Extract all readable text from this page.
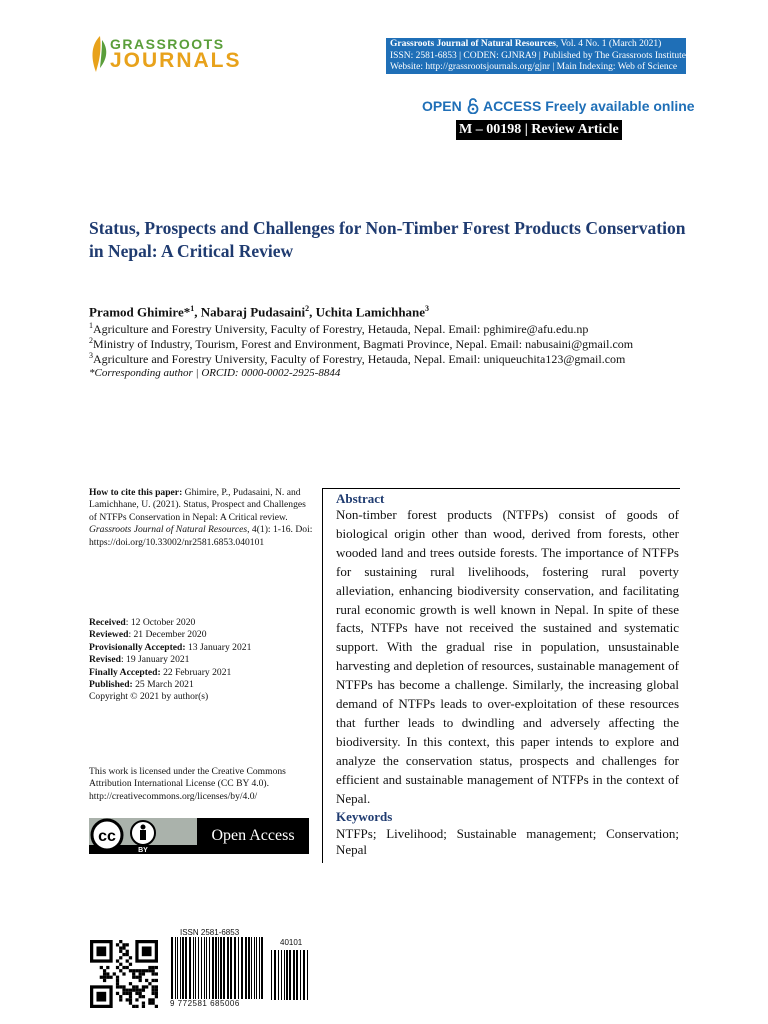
GRASSROOTS
JOURNALS
Grassroots Journal of Natural Resources, Vol. 4 No. 1 (March 2021)
ISSN: 2581-6853 | CODEN: GJNRA9 | Published by The Grassroots Institute
Website: http://grassrootsjournals.org/gjnr | Main Indexing: Web of Science
OPEN ACCESS Freely available online
M – 00198 | Review Article
Status, Prospects and Challenges for Non-Timber Forest Products Conservation in Nepal: A Critical Review
Pramod Ghimire*$^1$, Nabaraj Pudasaini$^2$, Uchita Lamichhane$^3$
$^1$Agriculture and Forestry University, Faculty of Forestry, Hetauda, Nepal. Email: pghimire@afu.edu.np
$^2$Ministry of Industry, Tourism, Forest and Environment, Bagmati Province, Nepal. Email: nabusaini@gmail.com
$^3$Agriculture and Forestry University, Faculty of Forestry, Hetauda, Nepal. Email: uniqueuchita123@gmail.com
*Corresponding author | ORCID: 0000-0002-2925-8844
How to cite this paper: Ghimire, P., Pudasaini, N. and Lamichhane, U. (2021). Status, Prospect and Challenges of NTFPs Conservation in Nepal: A Critical review. Grassroots Journal of Natural Resources, 4(1): 1-16. Doi: https://doi.org/10.33002/nr2581.6853.040101
Received: 12 October 2020
Reviewed: 21 December 2020
Provisionally Accepted: 13 January 2021
Revised: 19 January 2021
Finally Accepted: 22 February 2021
Published: 25 March 2021
Copyright © 2021 by author(s)
This work is licensed under the Creative Commons Attribution International License (CC BY 4.0).
http://creativecommons.org/licenses/by/4.0/
cc
BY
Open Access
Abstract
Non-timber forest products (NTFPs) consist of goods of biological origin other than wood, derived from forests, other wooded land and trees outside forests. The importance of NTFPs for sustaining rural livelihoods, fostering rural poverty alleviation, enhancing biodiversity conservation, and facilitating rural economic growth is well known in Nepal. In spite of these facts, NTFPs have not received the sustained and systematic support. With the gradual rise in population, unsustainable harvesting and depletion of resources, sustainable management of NTFPs has become a challenge. Similarly, the increasing global demand of NTFPs leads to over-exploitation of these resources that further leads to dwindling and adversely affecting the biodiversity. In this context, this paper intends to explore and analyze the conservation status, prospects and challenges for efficient and sustainable management of NTFPs in the context of Nepal.
Keywords
NTFPs; Livelihood; Sustainable management; Conservation; Nepal
ISSN 2581-6853
9 772581 685006
40101
